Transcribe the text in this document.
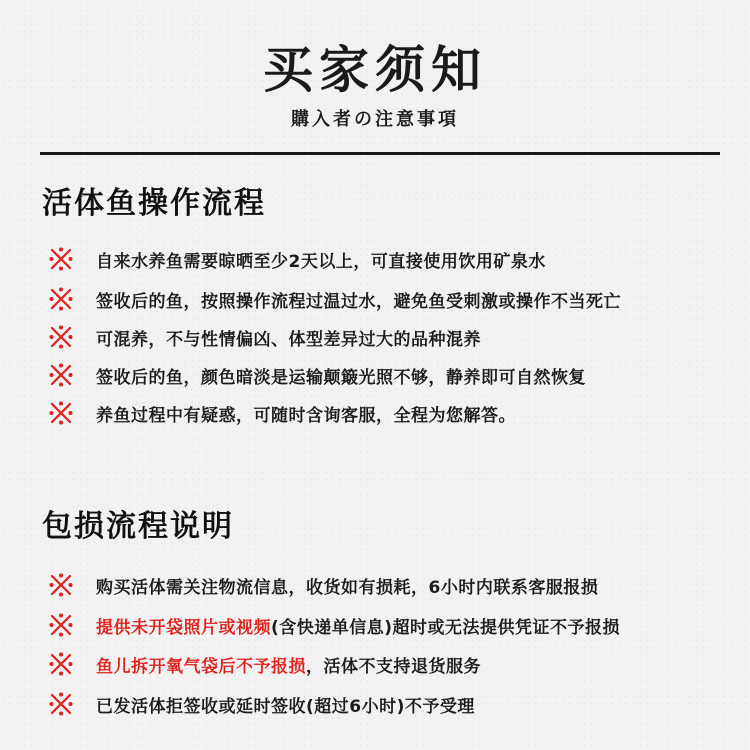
买家须知
購入者の注意事項
活体鱼操作流程
自来水养鱼需要晾晒至少2天以上，可直接使用饮用矿泉水
签收后的鱼，按照操作流程过温过水，避免鱼受刺激或操作不当死亡
可混养，不与性情偏凶、体型差异过大的品种混养
签收后的鱼，颜色暗淡是运输颠簸光照不够，静养即可自然恢复
养鱼过程中有疑惑，可随时含询客服，全程为您解答。
包损流程说明
购买活体需关注物流信息，收货如有损耗，6小时内联系客服报损
提供未开袋照片或视频(含快递单信息)超时或无法提供凭证不予报损
鱼儿拆开氧气袋后不予报损，活体不支持退货服务
已发活体拒签收或延时签收(超过6小时)不予受理
